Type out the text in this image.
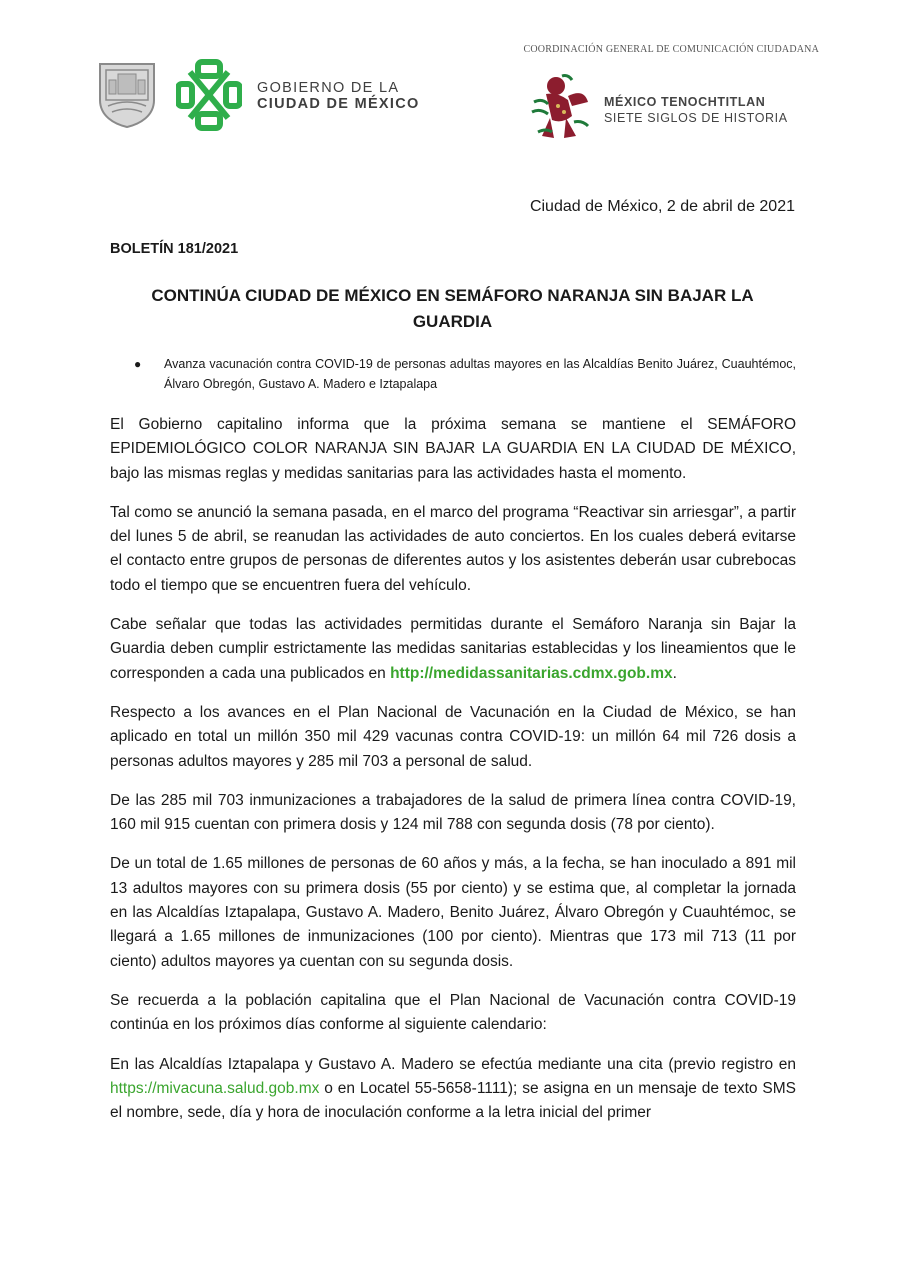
COORDINACIÓN GENERAL DE COMUNICACIÓN CIUDADANA
GOBIERNO DE LA
CIUDAD DE MÉXICO	MÉXICO TENOCHTITLAN
SIETE SIGLOS DE HISTORIA
Ciudad de México, 2 de abril de 2021
BOLETÍN 181/2021
CONTINÚA CIUDAD DE MÉXICO EN SEMÁFORO NARANJA SIN BAJAR LA GUARDIA
● Avanza vacunación contra COVID-19 de personas adultas mayores en las Alcaldías Benito Juárez, Cuauhtémoc, Álvaro Obregón, Gustavo A. Madero e Iztapalapa

El Gobierno capitalino informa que la próxima semana se mantiene el SEMÁFORO EPIDEMIOLÓGICO COLOR NARANJA SIN BAJAR LA GUARDIA EN LA CIUDAD DE MÉXICO, bajo las mismas reglas y medidas sanitarias para las actividades hasta el momento.

Tal como se anunció la semana pasada, en el marco del programa “Reactivar sin arriesgar”, a partir del lunes 5 de abril, se reanudan las actividades de auto conciertos. En los cuales deberá evitarse el contacto entre grupos de personas de diferentes autos y los asistentes deberán usar cubrebocas todo el tiempo que se encuentren fuera del vehículo.

Cabe señalar que todas las actividades permitidas durante el Semáforo Naranja sin Bajar la Guardia deben cumplir estrictamente las medidas sanitarias establecidas y los lineamientos que le corresponden a cada una publicados en http://medidassanitarias.cdmx.gob.mx.

Respecto a los avances en el Plan Nacional de Vacunación en la Ciudad de México, se han aplicado en total un millón 350 mil 429 vacunas contra COVID-19: un millón 64 mil 726 dosis a personas adultos mayores y 285 mil 703 a personal de salud.

De las 285 mil 703 inmunizaciones a trabajadores de la salud de primera línea contra COVID-19, 160 mil 915 cuentan con primera dosis y 124 mil 788 con segunda dosis (78 por ciento).

De un total de 1.65 millones de personas de 60 años y más, a la fecha, se han inoculado a 891 mil 13 adultos mayores con su primera dosis (55 por ciento) y se estima que, al completar la jornada en las Alcaldías Iztapalapa, Gustavo A. Madero, Benito Juárez, Álvaro Obregón y Cuauhtémoc, se llegará a 1.65 millones de inmunizaciones (100 por ciento). Mientras que 173 mil 713 (11 por ciento) adultos mayores ya cuentan con su segunda dosis.

Se recuerda a la población capitalina que el Plan Nacional de Vacunación contra COVID-19 continúa en los próximos días conforme al siguiente calendario:

En las Alcaldías Iztapalapa y Gustavo A. Madero se efectúa mediante una cita (previo registro en https://mivacuna.salud.gob.mx o en Locatel 55-5658-1111); se asigna en un mensaje de texto SMS el nombre, sede, día y hora de inoculación conforme a la letra inicial del primer
